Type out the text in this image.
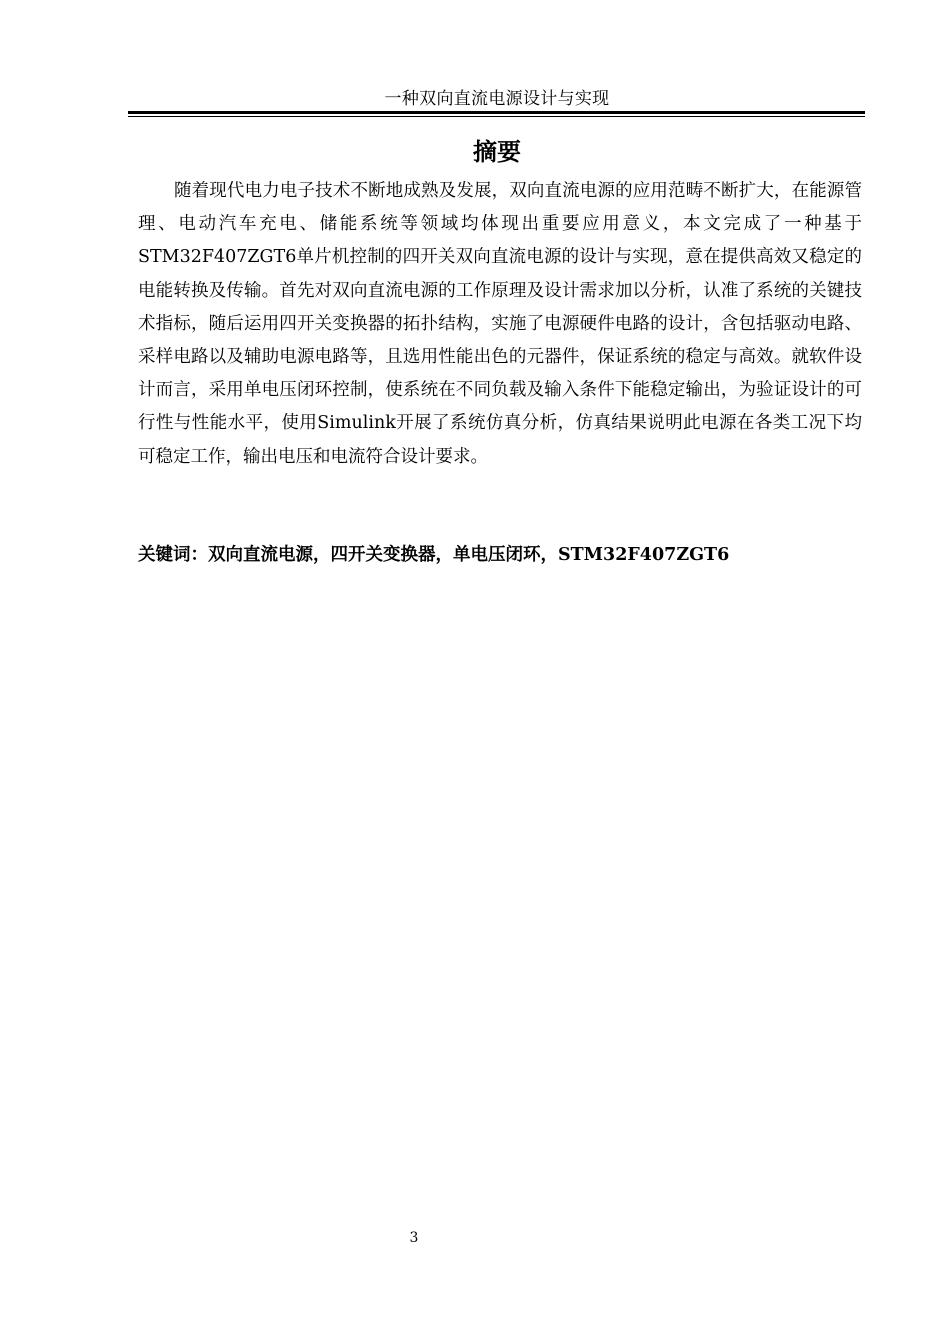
一种双向直流电源设计与实现
摘要

随着现代电力电子技术不断地成熟及发展，双向直流电源的应用范畴不断扩大，在能源管理、电动汽车充电、储能系统等领域均体现出重要应用意义，本文完成了一种基于STM32F407ZGT6单片机控制的四开关双向直流电源的设计与实现，意在提供高效又稳定的电能转换及传输。首先对双向直流电源的工作原理及设计需求加以分析，认准了系统的关键技术指标，随后运用四开关变换器的拓扑结构，实施了电源硬件电路的设计，含包括驱动电路、采样电路以及辅助电源电路等，且选用性能出色的元器件，保证系统的稳定与高效。就软件设计而言，采用单电压闭环控制，使系统在不同负载及输入条件下能稳定输出，为验证设计的可行性与性能水平，使用Simulink开展了系统仿真分析，仿真结果说明此电源在各类工况下均可稳定工作，输出电压和电流符合设计要求。

关键词：双向直流电源，四开关变换器，单电压闭环，STM32F407ZGT6

3
